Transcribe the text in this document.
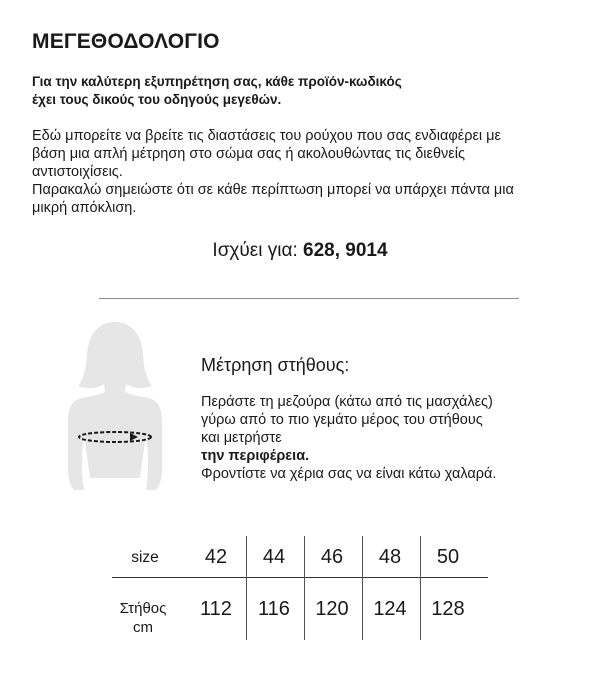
ΜΕΓΕΘΟΔΟΛΟΓΙΟ
Για την καλύτερη εξυπηρέτηση σας, κάθε προϊόν-κωδικός
έχει τους δικούς του οδηγούς μεγεθών.
Εδώ μπορείτε να βρείτε τις διαστάσεις του ρούχου που σας ενδιαφέρει με
βάση μια απλή μέτρηση στο σώμα σας ή ακολουθώντας τις διεθνείς
αντιστοιχίσεις.
Παρακαλώ σημειώστε ότι σε κάθε περίπτωση μπορεί να υπάρχει πάντα μια
μικρή απόκλιση.
Ισχύει για: 628, 9014
Μέτρηση στήθους:
Περάστε τη μεζούρα (κάτω από τις μασχάλες)
γύρω από το πιο γεμάτο μέρος του στήθους
και μετρήστε
την περιφέρεια.
Φροντίστε να χέρια σας να είναι κάτω χαλαρά.
size	42	44	46	48	50
Στήθος
cm
112	116	120	124	128
